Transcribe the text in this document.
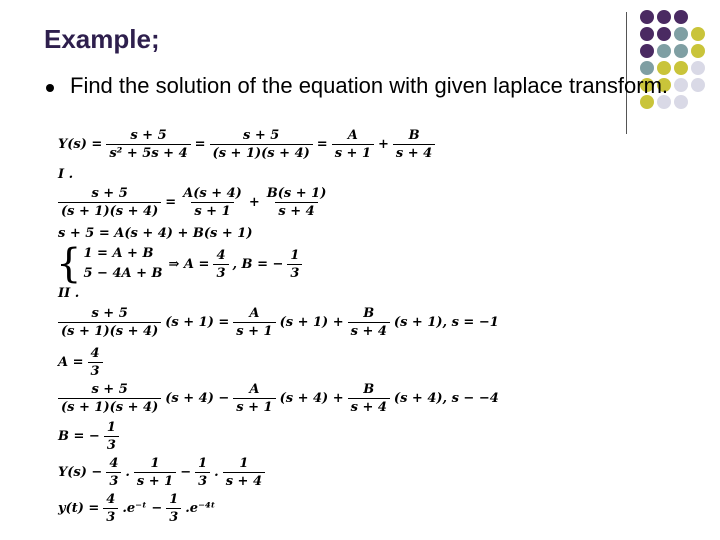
Example;
Find the solution of the equation with given laplace transform.
$Y(s) = \frac{s + 5}{\text{s² + 5s + 4}} = \frac{s + 5}{(s + 1)(s + 4)} = \frac{A}{s + 1} + \frac{B}{s + 4}$
I .
$\frac{s + 5}{(s + 1)(s + 4)} = \frac{A(s + 4)}{s + 1} + \frac{B(s + 1)}{s + 4}$
s + 5 = A(s + 4) + B(s + 1)
{ 1 = A + B
5 − 4A + B
⇒ $A = \frac{4}{3}$ , B = − $\frac{1}{3}$
II .
$\frac{s + 5}{(s + 1)(s + 4)} (s + 1) = \frac{A}{s + 1} (s + 1) + \frac{B}{s + 4} (s + 1)$, s = −1
$A = \frac{4}{3}$
$\frac{s + 5}{(s + 1)(s + 4)} (s + 4) - \frac{A}{s + 1} (s + 4) + \frac{B}{s + 4} (s + 4)$, s − −4
B = − $\frac{1}{3}$
$Y(s) - \frac{4}{3}$ . $\frac{1}{s + 1} - \frac{1}{3}$ . $\frac{1}{s + 4}$
$y(t) = \frac{4}{3}$ .e⁻ᵗ − $\frac{1}{3}$ .e⁻⁴ᵗ
